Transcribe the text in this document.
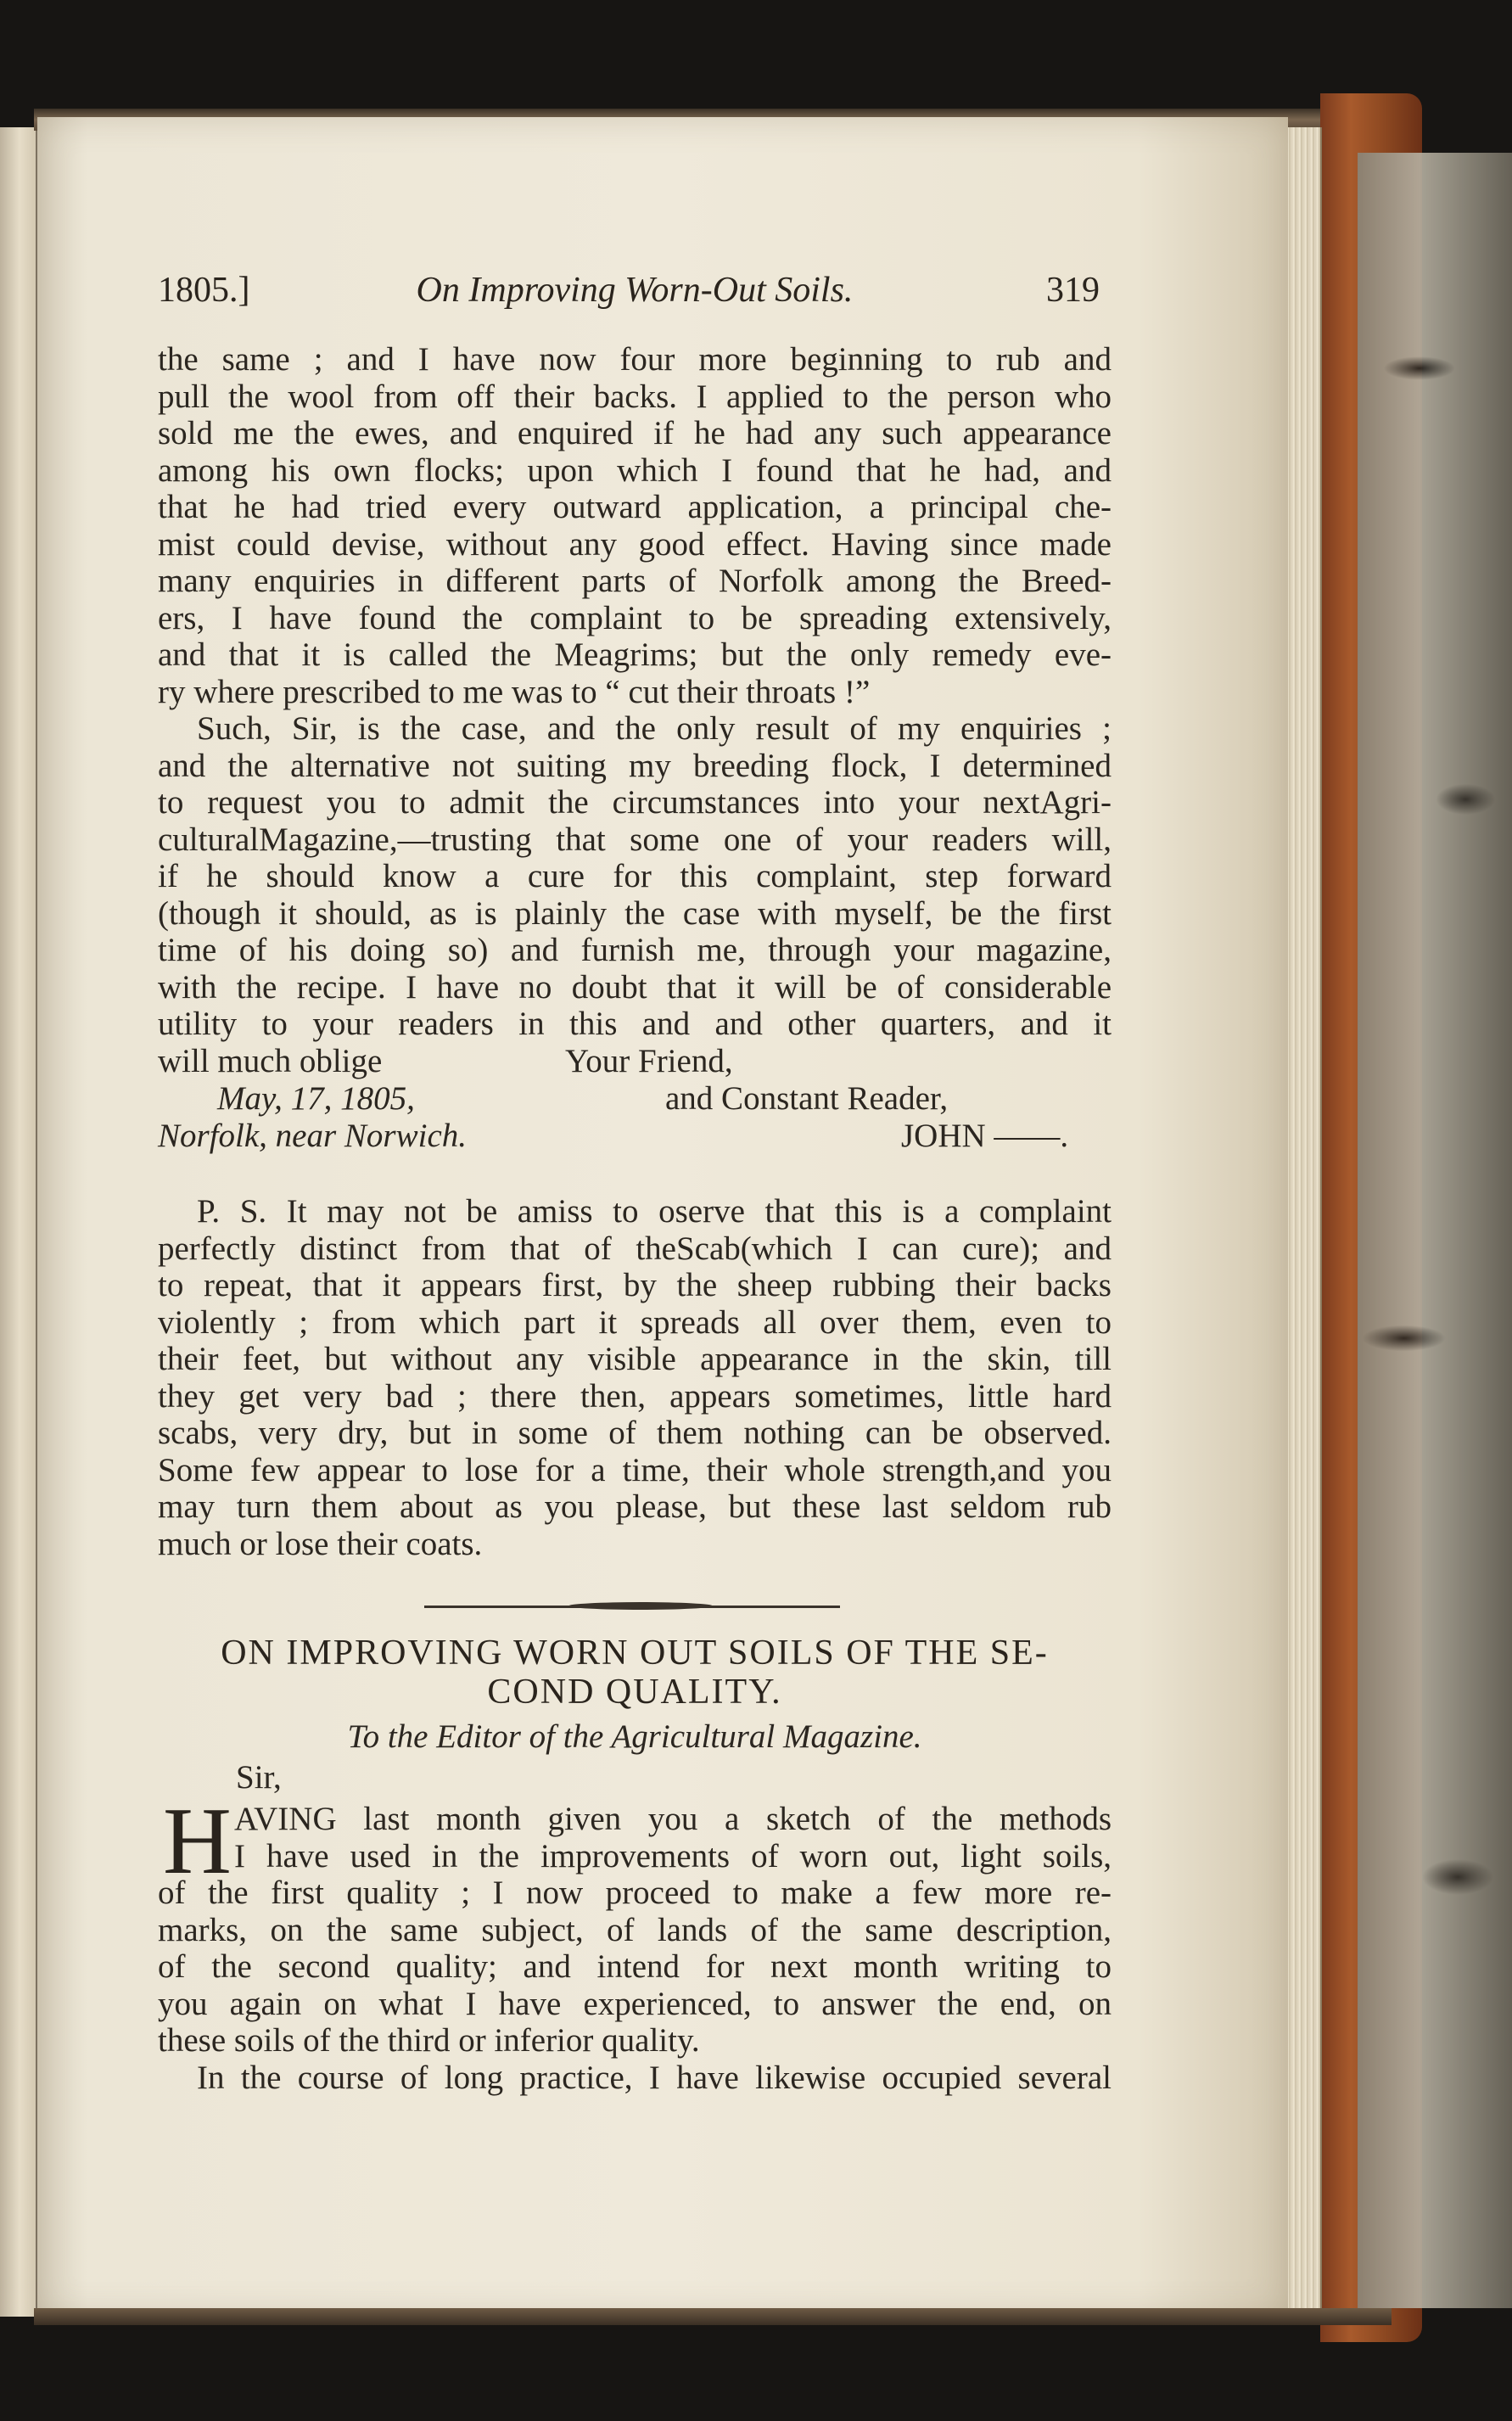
1805.]	On Improving Worn-Out Soils.	319
the same ; and I have now four more beginning to rub and
pull the wool from off their backs. I applied to the person who
sold me the ewes, and enquired if he had any such appearance
among his own flocks; upon which I found that he had, and
that he had tried every outward application, a principal che-
mist could devise, without any good effect. Having since made
many enquiries in different parts of Norfolk among the Breed-
ers, I have found the complaint to be spreading extensively,
and that it is called the Meagrims; but the only remedy eve-
ry where prescribed to me was to “ cut their throats !”
Such, Sir, is the case, and the only result of my enquiries ;
and the alternative not suiting my breeding flock, I determined
to request you to admit the circumstances into your nextAgri-
culturalMagazine,—trusting that some one of your readers will,
if he should know a cure for this complaint, step forward
(though it should, as is plainly the case with myself, be the first
time of his doing so) and furnish me, through your magazine,
with the recipe. I have no doubt that it will be of considerable
utility to your readers in this and and other quarters, and it
will much oblige	Your Friend,
May, 17, 1805,	and Constant Reader,
Norfolk, near Norwich.	JOHN ——.
P. S. It may not be amiss to oserve that this is a complaint
perfectly distinct from that of theScab(which I can cure); and
to repeat, that it appears first, by the sheep rubbing their backs
violently ; from which part it spreads all over them, even to
their feet, but without any visible appearance in the skin, till
they get very bad ; there then, appears sometimes, little hard
scabs, very dry, but in some of them nothing can be observed.
Some few appear to lose for a time, their whole strength,and you
may turn them about as you please, but these last seldom rub
much or lose their coats.
ON IMPROVING WORN OUT SOILS OF THE SE-
COND QUALITY.
To the Editor of the Agricultural Magazine.
Sir,
H AVING last month given you a sketch of the methods
I have used in the improvements of worn out, light soils,
of the first quality ; I now proceed to make a few more re-
marks, on the same subject, of lands of the same description,
of the second quality; and intend for next month writing to
you again on what I have experienced, to answer the end, on
these soils of the third or inferior quality.
In the course of long practice, I have likewise occupied several
